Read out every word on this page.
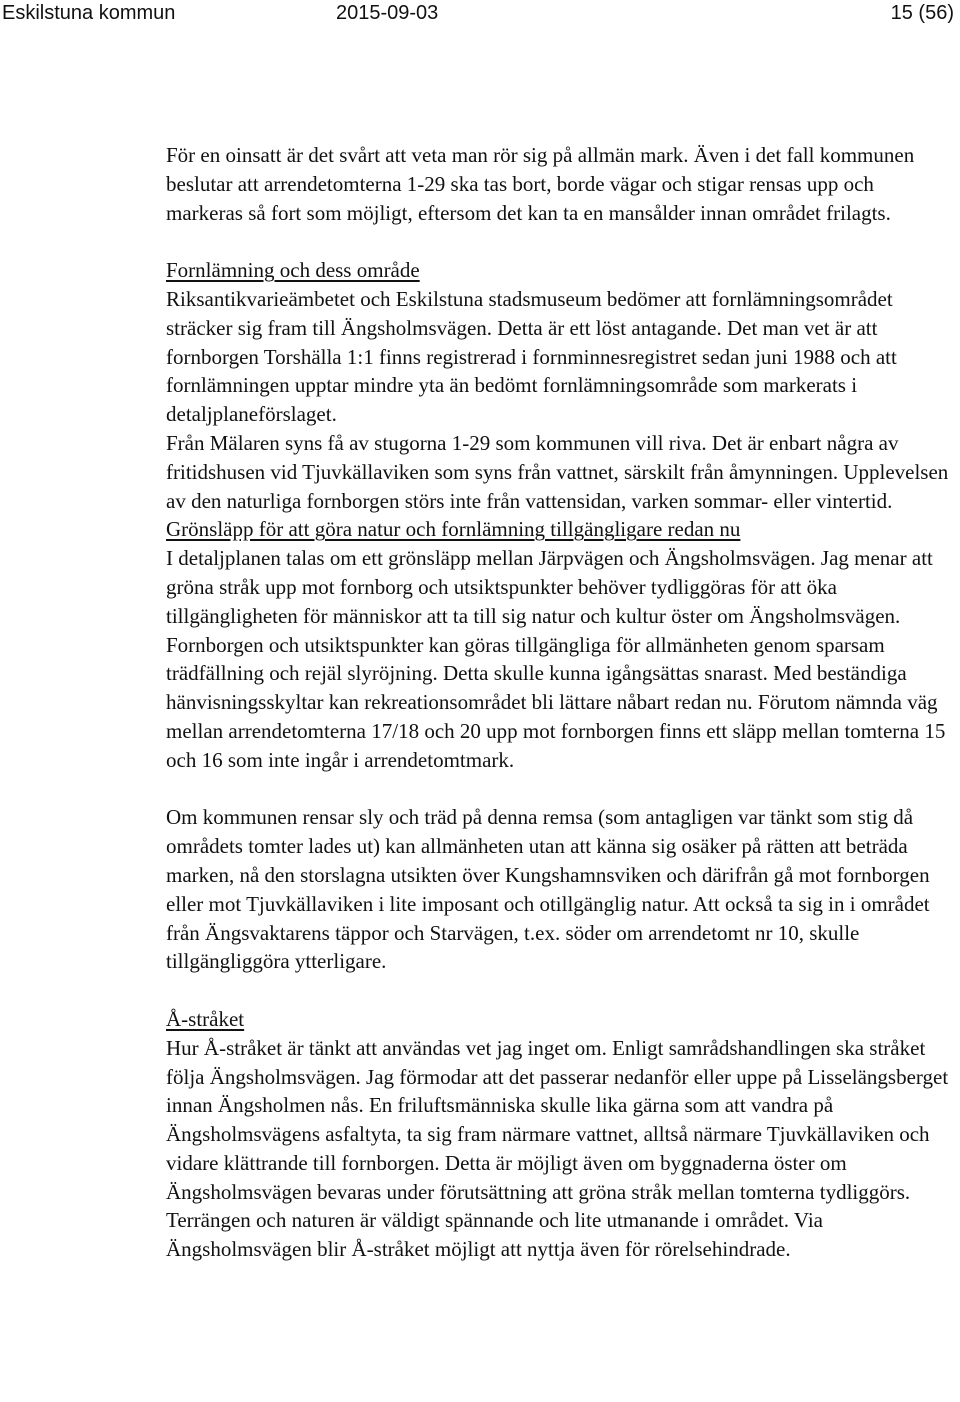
Eskilstuna kommun	2015-09-03	15 (56)

För en oinsatt är det svårt att veta man rör sig på allmän mark. Även i det fall kommunen beslutar att arrendetomterna 1-29 ska tas bort, borde vägar och stigar rensas upp och markeras så fort som möjligt, eftersom det kan ta en mansålder innan området frilagts.

Fornlämning och dess område

Riksantikvarieämbetet och Eskilstuna stadsmuseum bedömer att fornlämningsområdet sträcker sig fram till Ängsholmsvägen. Detta är ett löst antagande. Det man vet är att fornborgen Torshälla 1:1 finns registrerad i fornminnesregistret sedan juni 1988 och att fornlämningen upptar mindre yta än bedömt fornlämningsområde som markerats i detaljplaneförslaget.

Från Mälaren syns få av stugorna 1-29 som kommunen vill riva. Det är enbart några av fritidshusen vid Tjuvkällaviken som syns från vattnet, särskilt från åmynningen. Upplevelsen av den naturliga fornborgen störs inte från vattensidan, varken sommar- eller vintertid.

Grönsläpp för att göra natur och fornlämning tillgängligare redan nu

I detaljplanen talas om ett grönsläpp mellan Järpvägen och Ängsholmsvägen. Jag menar att gröna stråk upp mot fornborg och utsiktspunkter behöver tydliggöras för att öka tillgängligheten för människor att ta till sig natur och kultur öster om Ängsholmsvägen. Fornborgen och utsiktspunkter kan göras tillgängliga för allmänheten genom sparsam trädfällning och rejäl slyröjning. Detta skulle kunna igångsättas snarast. Med beständiga hänvisningsskyltar kan rekreationsområdet bli lättare nåbart redan nu. Förutom nämnda väg mellan arrendetomterna 17/18 och 20 upp mot fornborgen finns ett släpp mellan tomterna 15 och 16 som inte ingår i arrendetomtmark.

Om kommunen rensar sly och träd på denna remsa (som antagligen var tänkt som stig då områdets tomter lades ut) kan allmänheten utan att känna sig osäker på rätten att beträda marken, nå den storslagna utsikten över Kungshamnsviken och därifrån gå mot fornborgen eller mot Tjuvkällaviken i lite imposant och otillgänglig natur. Att också ta sig in i området från Ängsvaktarens täppor och Starvägen, t.ex. söder om arrendetomt nr 10, skulle tillgängliggöra ytterligare.

Å-stråket

Hur Å-stråket är tänkt att användas vet jag inget om. Enligt samrådshandlingen ska stråket följa Ängsholmsvägen. Jag förmodar att det passerar nedanför eller uppe på Lisselängsberget innan Ängsholmen nås. En friluftsmänniska skulle lika gärna som att vandra på Ängsholmsvägens asfaltyta, ta sig fram närmare vattnet, alltså närmare Tjuvkällaviken och vidare klättrande till fornborgen. Detta är möjligt även om byggnaderna öster om Ängsholmsvägen bevaras under förutsättning att gröna stråk mellan tomterna tydliggörs. Terrängen och naturen är väldigt spännande och lite utmanande i området. Via Ängsholmsvägen blir Å-stråket möjligt att nyttja även för rörelsehindrade.
